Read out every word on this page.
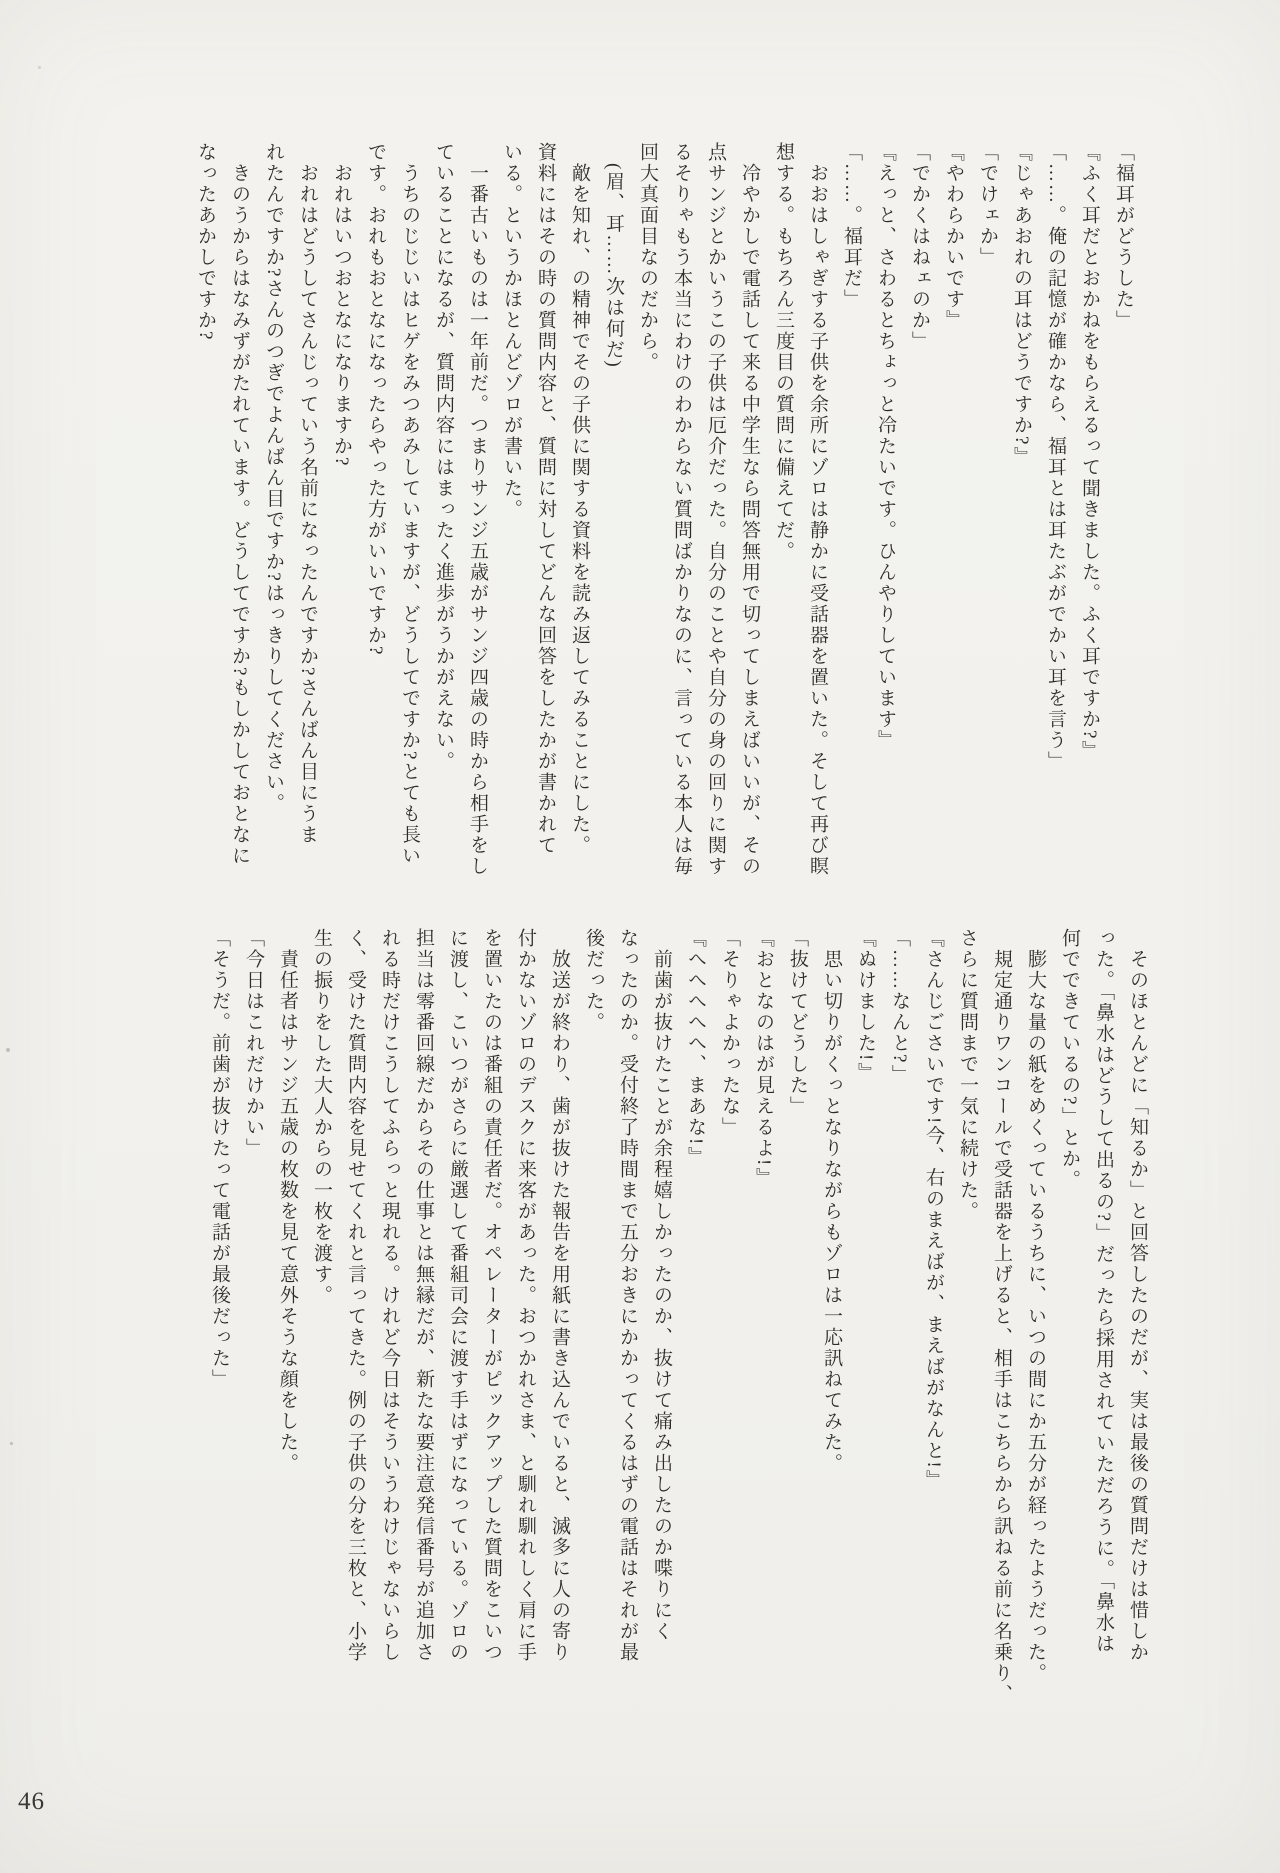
「福耳がどうした」

『ふく耳だとおかねをもらえるって聞きました。ふく耳ですか?』

「……。俺の記憶が確かなら、福耳とは耳たぶがでかい耳を言う」

『じゃあおれの耳はどうですか?』

「でけェか」

『やわらかいです』

「でかくはねェのか」

『えっと、さわるとちょっと冷たいです。ひんやりしています』

「……。福耳だ」

　おおはしゃぎする子供を余所にゾロは静かに受話器を置いた。そして再び瞑

想する。もちろん三度目の質問に備えてだ。

　冷やかしで電話して来る中学生なら問答無用で切ってしまえばいいが、その

点サンジとかいうこの子供は厄介だった。自分のことや自分の身の回りに関す

るそりゃもう本当にわけのわからない質問ばかりなのに、言っている本人は毎

回大真面目なのだから。

　(眉、耳……次は何だ)

　敵を知れ、の精神でその子供に関する資料を読み返してみることにした。

資料にはその時の質問内容と、質問に対してどんな回答をしたかが書かれて

いる。というかほとんどゾロが書いた。

　一番古いものは一年前だ。つまりサンジ五歳がサンジ四歳の時から相手をし

ていることになるが、質問内容にはまったく進歩がうかがえない。

　うちのじじいはヒゲをみつあみしていますが、どうしてですか?とても長い

です。おれもおとなになったらやった方がいいですか?

　おれはいつおとなになりますか?

　おれはどうしてさんじっていう名前になったんですか?さんばん目にうま

れたんですか?さんのつぎでよんばん目ですか?はっきりしてください。

　きのうからはなみずがたれています。どうしてですか?もしかしておとなに

なったあかしですか?

　そのほとんどに「知るか」と回答したのだが、実は最後の質問だけは惜しか

った。「鼻水はどうして出るの?」だったら採用されていただろうに。「鼻水は

何でできているの?」とか。

　膨大な量の紙をめくっているうちに、いつの間にか五分が経ったようだった。

　規定通りワンコールで受話器を上げると、相手はこちらから訊ねる前に名乗り、

さらに質問まで一気に続けた。

『さんじごさいです!今、右のまえばが、まえばがなんと!』

「……なんと?」

『ぬけました!』

　思い切りがくっとなりながらもゾロは一応訊ねてみた。

「抜けてどうした」

『おとなのはが見えるよ!』

「そりゃよかったな」

『へへへへへ、まあな!』

　前歯が抜けたことが余程嬉しかったのか、抜けて痛み出したのか喋りにく

なったのか。受付終了時間まで五分おきにかかってくるはずの電話はそれが最

後だった。

　放送が終わり、歯が抜けた報告を用紙に書き込んでいると、滅多に人の寄り

付かないゾロのデスクに来客があった。おつかれさま、と馴れ馴れしく肩に手

を置いたのは番組の責任者だ。オペレーターがピックアップした質問をこいつ

に渡し、こいつがさらに厳選して番組司会に渡す手はずになっている。ゾロの

担当は零番回線だからその仕事とは無縁だが、新たな要注意発信番号が追加さ

れる時だけこうしてふらっと現れる。けれど今日はそういうわけじゃないらし

く、受けた質問内容を見せてくれと言ってきた。例の子供の分を三枚と、小学

生の振りをした大人からの一枚を渡す。

　責任者はサンジ五歳の枚数を見て意外そうな顔をした。

「今日はこれだけかい」

「そうだ。前歯が抜けたって電話が最後だった」

46
